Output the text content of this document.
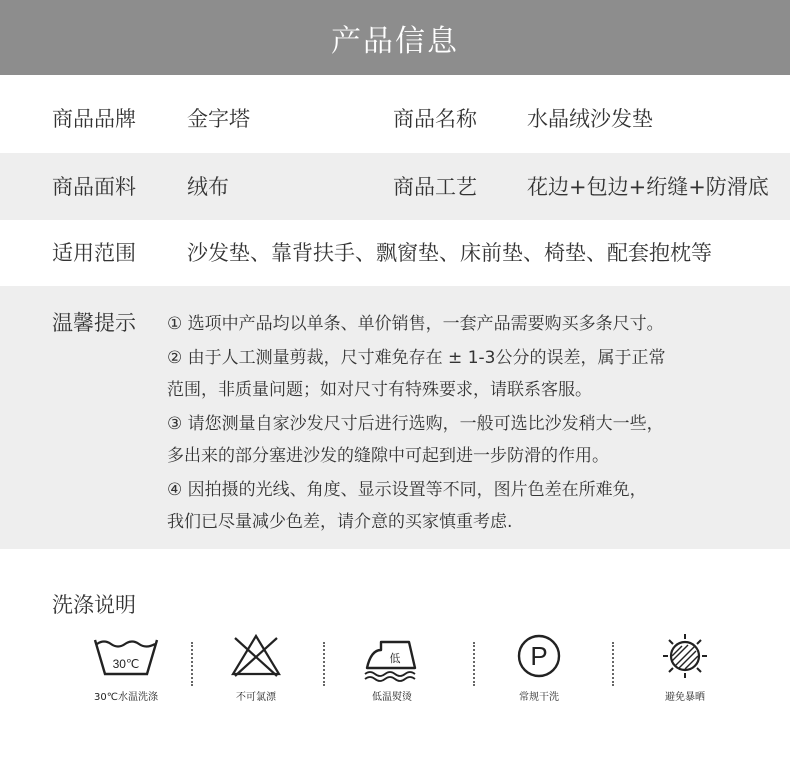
产品信息
商品品牌 金字塔	商品名称 水晶绒沙发垫
商品面料 绒布	商品工艺 花边+包边+绗缝+防滑底
适用范围 沙发垫、靠背扶手、飘窗垫、床前垫、椅垫、配套抱枕等
温馨提示 ① 选项中产品均以单条、单价销售，一套产品需要购买多条尺寸。
② 由于人工测量剪裁，尺寸难免存在 ± 1-3公分的误差，属于正常
范围，非质量问题；如对尺寸有特殊要求，请联系客服。
③ 请您测量自家沙发尺寸后进行选购，一般可选比沙发稍大一些，
多出来的部分塞进沙发的缝隙中可起到进一步防滑的作用。
④ 因拍摄的光线、角度、显示设置等不同，图片色差在所难免，
我们已尽量减少色差，请介意的买家慎重考虑.
洗涤说明
30℃
30℃水温洗涤	不可氯漂
低
低温熨烫
P
常规干洗	避免暴晒
